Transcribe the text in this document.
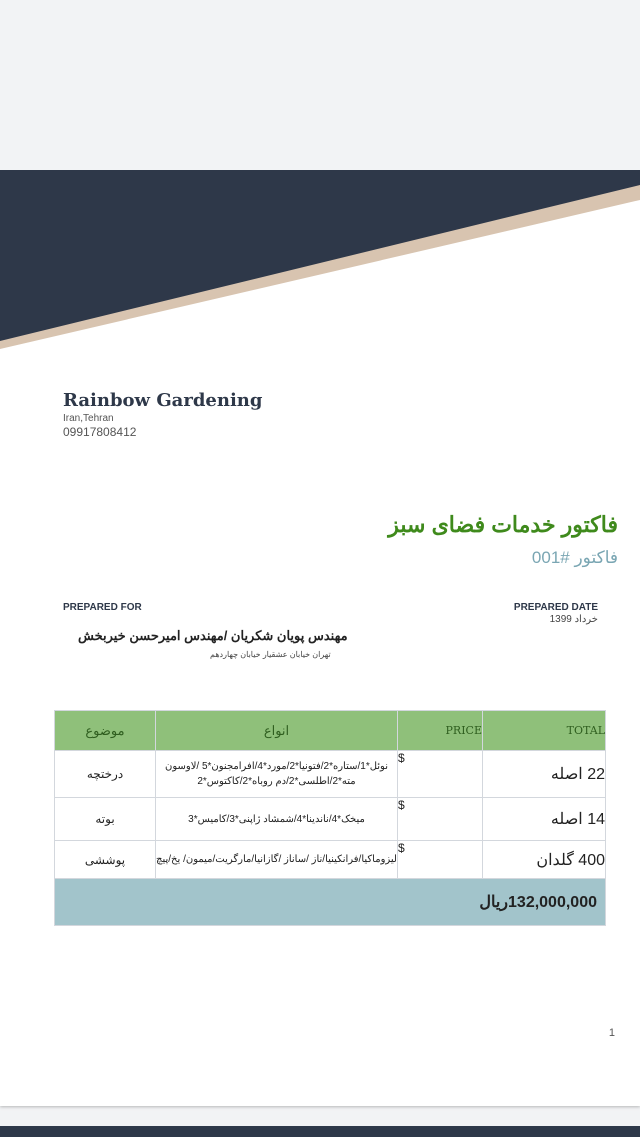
Rainbow Gardening
Iran,Tehran
09917808412
فاکتور خدمات فضای سبز
فاکتور #001
PREPARED FOR
مهندس پویان شکریان /مهندس امیرحسن خیربخش
تهران خیابان عشقیار خیابان چهاردهم
PREPARED DATE
خرداد 1399
موضوع	انواع	PRICE	TOTAL
درختچه	نوئل*1/ستاره*2/فتونیا*2/مورد*4/افرامجنون*5 /لاوسون مته*2/اطلسی*2/دم روباه*2/کاکتوس*2	$	22 اصله
بوته	میخک*4/ناندینا*4/شمشاد ژاپنی*3/کامیس*3	$	14 اصله
پوششی	لیزوماکیا/فرانکینیا/ناز /ساناز /گازانیا/مارگریت/میمون/ یخ/پیچ	$	400 گلدان
132,000,000ریال			
1
